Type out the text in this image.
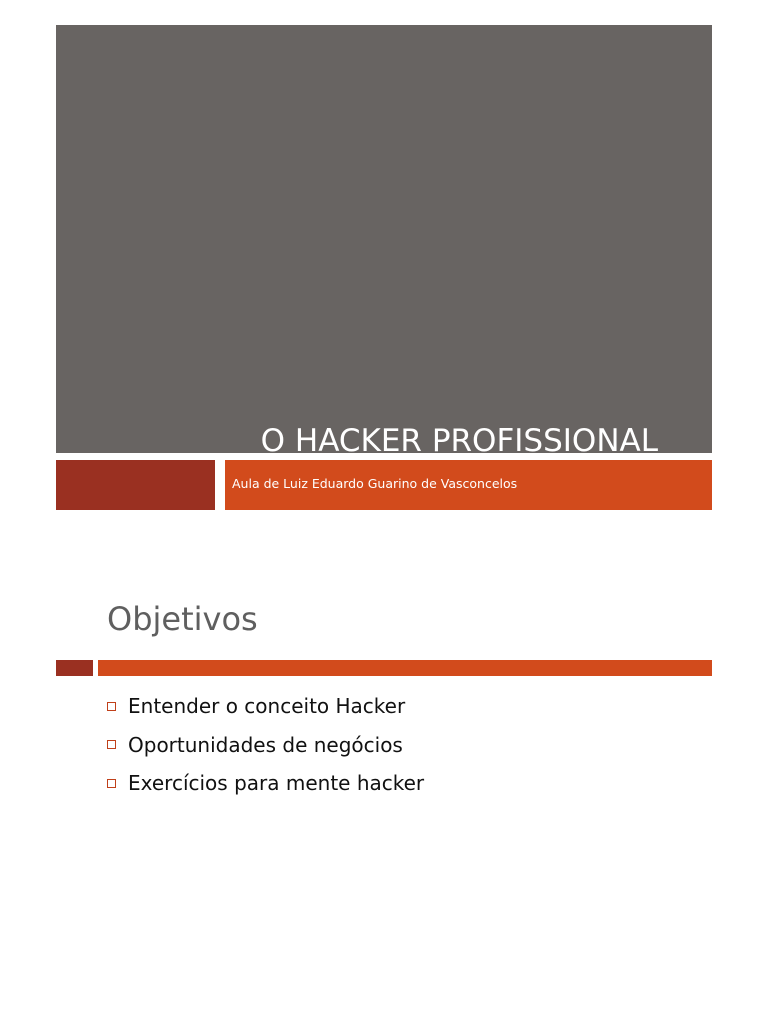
O HACKER PROFISSIONAL
Aula de Luiz Eduardo Guarino de Vasconcelos
Objetivos
Entender o conceito Hacker
Oportunidades de negócios
Exercícios para mente hacker
